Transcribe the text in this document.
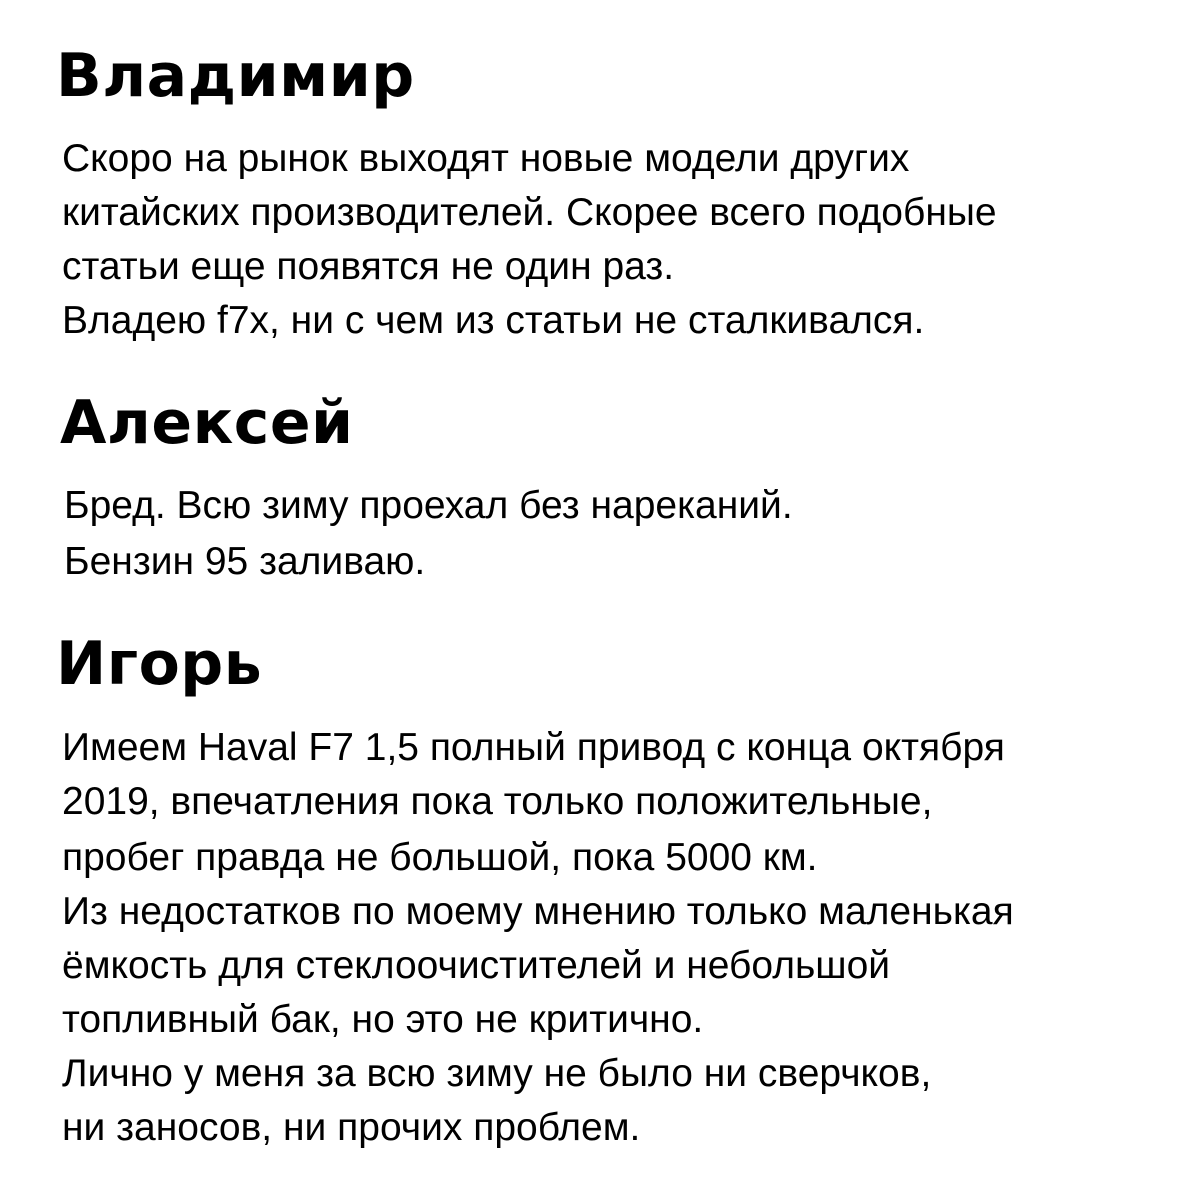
Владимир
Скоро на рынок выходят новые модели других
китайских производителей. Скорее всего подобные
статьи еще появятся не один раз.
Владею f7x, ни с чем из статьи не сталкивался.
Алексей
Бред. Всю зиму проехал без нареканий.
Бензин 95 заливаю.
Игорь
Имеем Haval F7 1,5 полный привод с конца октября
2019, впечатления пока только положительные,
пробег правда не большой, пока 5000 км.
Из недостатков по моему мнению только маленькая
ёмкость для стеклоочистителей и небольшой
топливный бак, но это не критично.
Лично у меня за всю зиму не было ни сверчков,
ни заносов, ни прочих проблем.
